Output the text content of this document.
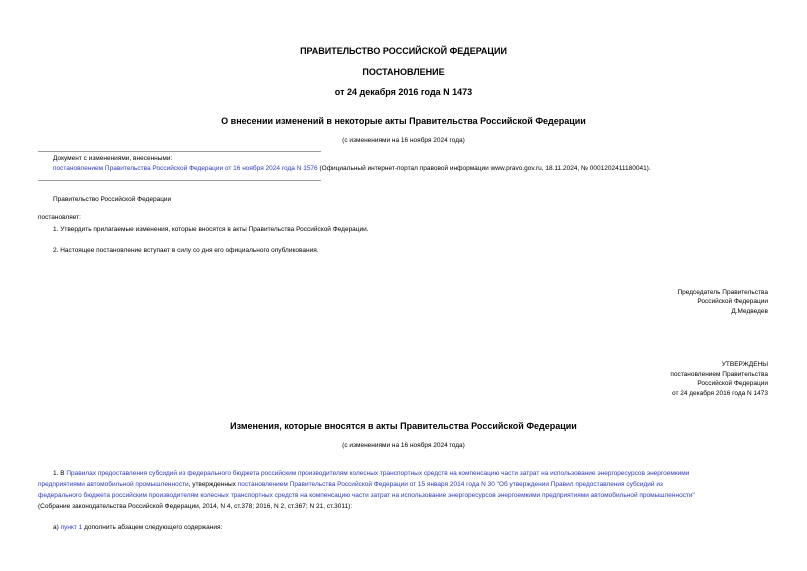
ПРАВИТЕЛЬСТВО РОССИЙСКОЙ ФЕДЕРАЦИИ
ПОСТАНОВЛЕНИЕ
от 24 декабря 2016 года N 1473
О внесении изменений в некоторые акты Правительства Российской Федерации
(с изменениями на 16 ноября 2024 года)
Документ с изменениями, внесенными:
постановлением Правительства Российской Федерации от 16 ноября 2024 года N 1576 (Официальный интернет-портал правовой информации www.pravo.gov.ru, 18.11.2024, № 0001202411180041).
Правительство Российской Федерации
постановляет:
1. Утвердить прилагаемые изменения, которые вносятся в акты Правительства Российской Федерации.
2. Настоящее постановление вступает в силу со дня его официального опубликования.
Председатель Правительства
Российской Федерации
Д.Медведев
УТВЕРЖДЕНЫ
постановлением Правительства
Российской Федерации
от 24 декабря 2016 года N 1473
Изменения, которые вносятся в акты Правительства Российской Федерации
(с изменениями на 16 ноября 2024 года)
1. В Правилах предоставления субсидий из федерального бюджета российским производителям колесных транспортных средств на компенсацию части затрат на использование энергоресурсов энергоемкими
предприятиями автомобильной промышленности, утвержденных постановлением Правительства Российской Федерации от 15 января 2014 года N 30 "Об утверждении Правил предоставления субсидий из
федерального бюджета российским производителям колесных транспортных средств на компенсацию части затрат на использование энергоресурсов энергоемкими предприятиями автомобильной промышленности"
(Собрание законодательства Российской Федерации, 2014, N 4, ст.378; 2016, N 2, ст.367; N 21, ст.3011):
а) пункт 1 дополнить абзацем следующего содержания:
